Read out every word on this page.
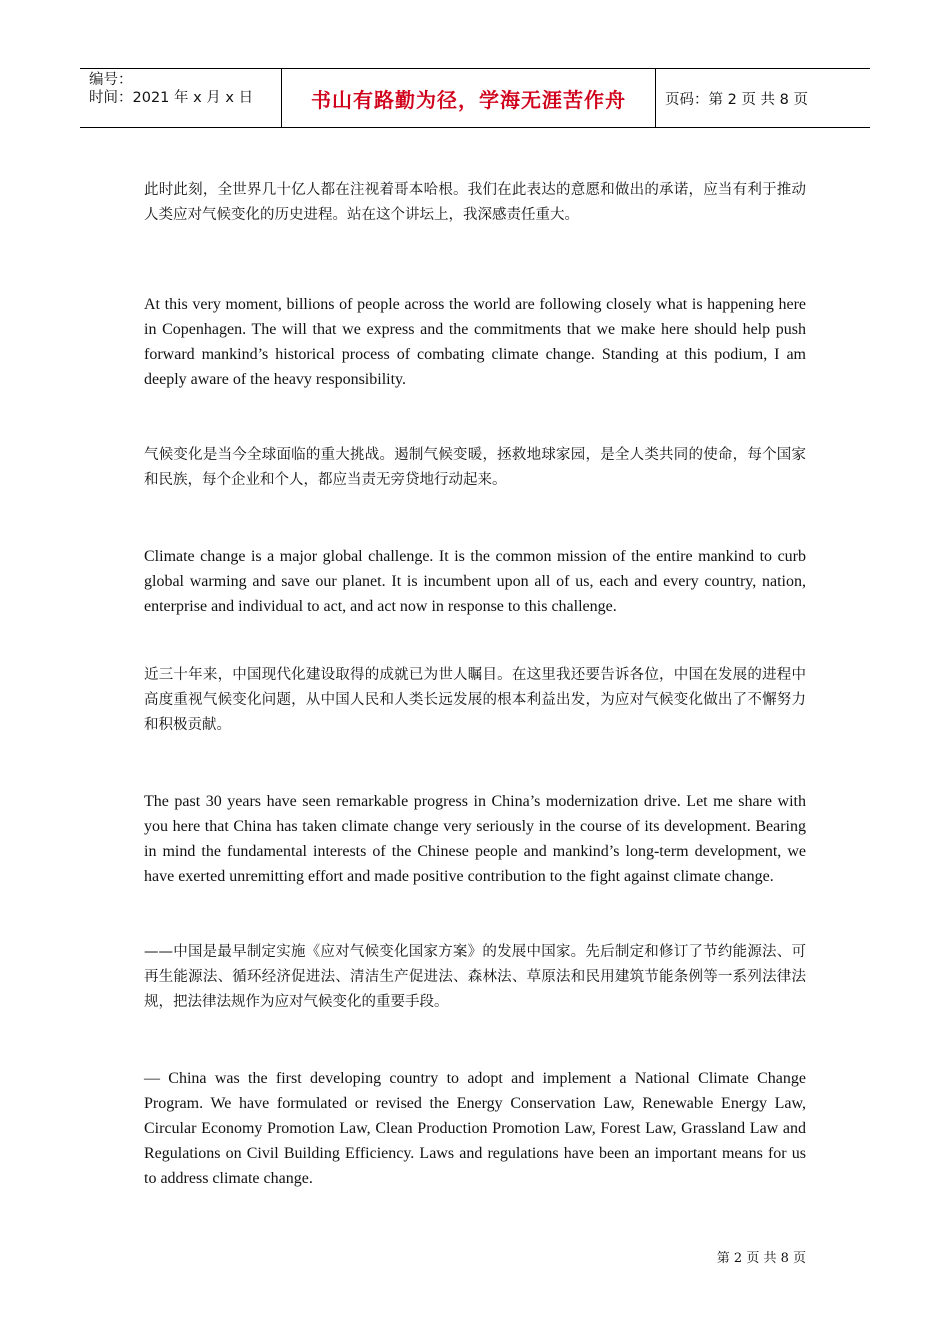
编号：
时间：2021 年 x 月 x 日	书山有路勤为径，学海无涯苦作舟	页码：第 2 页 共 8 页

此时此刻，全世界几十亿人都在注视着哥本哈根。我们在此表达的意愿和做出的承诺，应当有利于推动人类应对气候变化的历史进程。站在这个讲坛上，我深感责任重大。

At this very moment, billions of people across the world are following closely what is happening here in Copenhagen. The will that we express and the commitments that we make here should help push forward mankind’s historical process of combating climate change. Standing at this podium, I am deeply aware of the heavy responsibility.

气候变化是当今全球面临的重大挑战。遏制气候变暖，拯救地球家园，是全人类共同的使命，每个国家和民族，每个企业和个人，都应当责无旁贷地行动起来。

Climate change is a major global challenge. It is the common mission of the entire mankind to curb global warming and save our planet. It is incumbent upon all of us, each and every country, nation, enterprise and individual to act, and act now in response to this challenge.

近三十年来，中国现代化建设取得的成就已为世人瞩目。在这里我还要告诉各位，中国在发展的进程中高度重视气候变化问题，从中国人民和人类长远发展的根本利益出发，为应对气候变化做出了不懈努力和积极贡献。

The past 30 years have seen remarkable progress in China’s modernization drive. Let me share with you here that China has taken climate change very seriously in the course of its development. Bearing in mind the fundamental interests of the Chinese people and mankind’s long-term development, we have exerted unremitting effort and made positive contribution to the fight against climate change.

——中国是最早制定实施《应对气候变化国家方案》的发展中国家。先后制定和修订了节约能源法、可再生能源法、循环经济促进法、清洁生产促进法、森林法、草原法和民用建筑节能条例等一系列法律法规，把法律法规作为应对气候变化的重要手段。

— China was the first developing country to adopt and implement a National Climate Change Program. We have formulated or revised the Energy Conservation Law, Renewable Energy Law, Circular Economy Promotion Law, Clean Production Promotion Law, Forest Law, Grassland Law and Regulations on Civil Building Efficiency. Laws and regulations have been an important means for us to address climate change.

第 2 页 共 8 页
